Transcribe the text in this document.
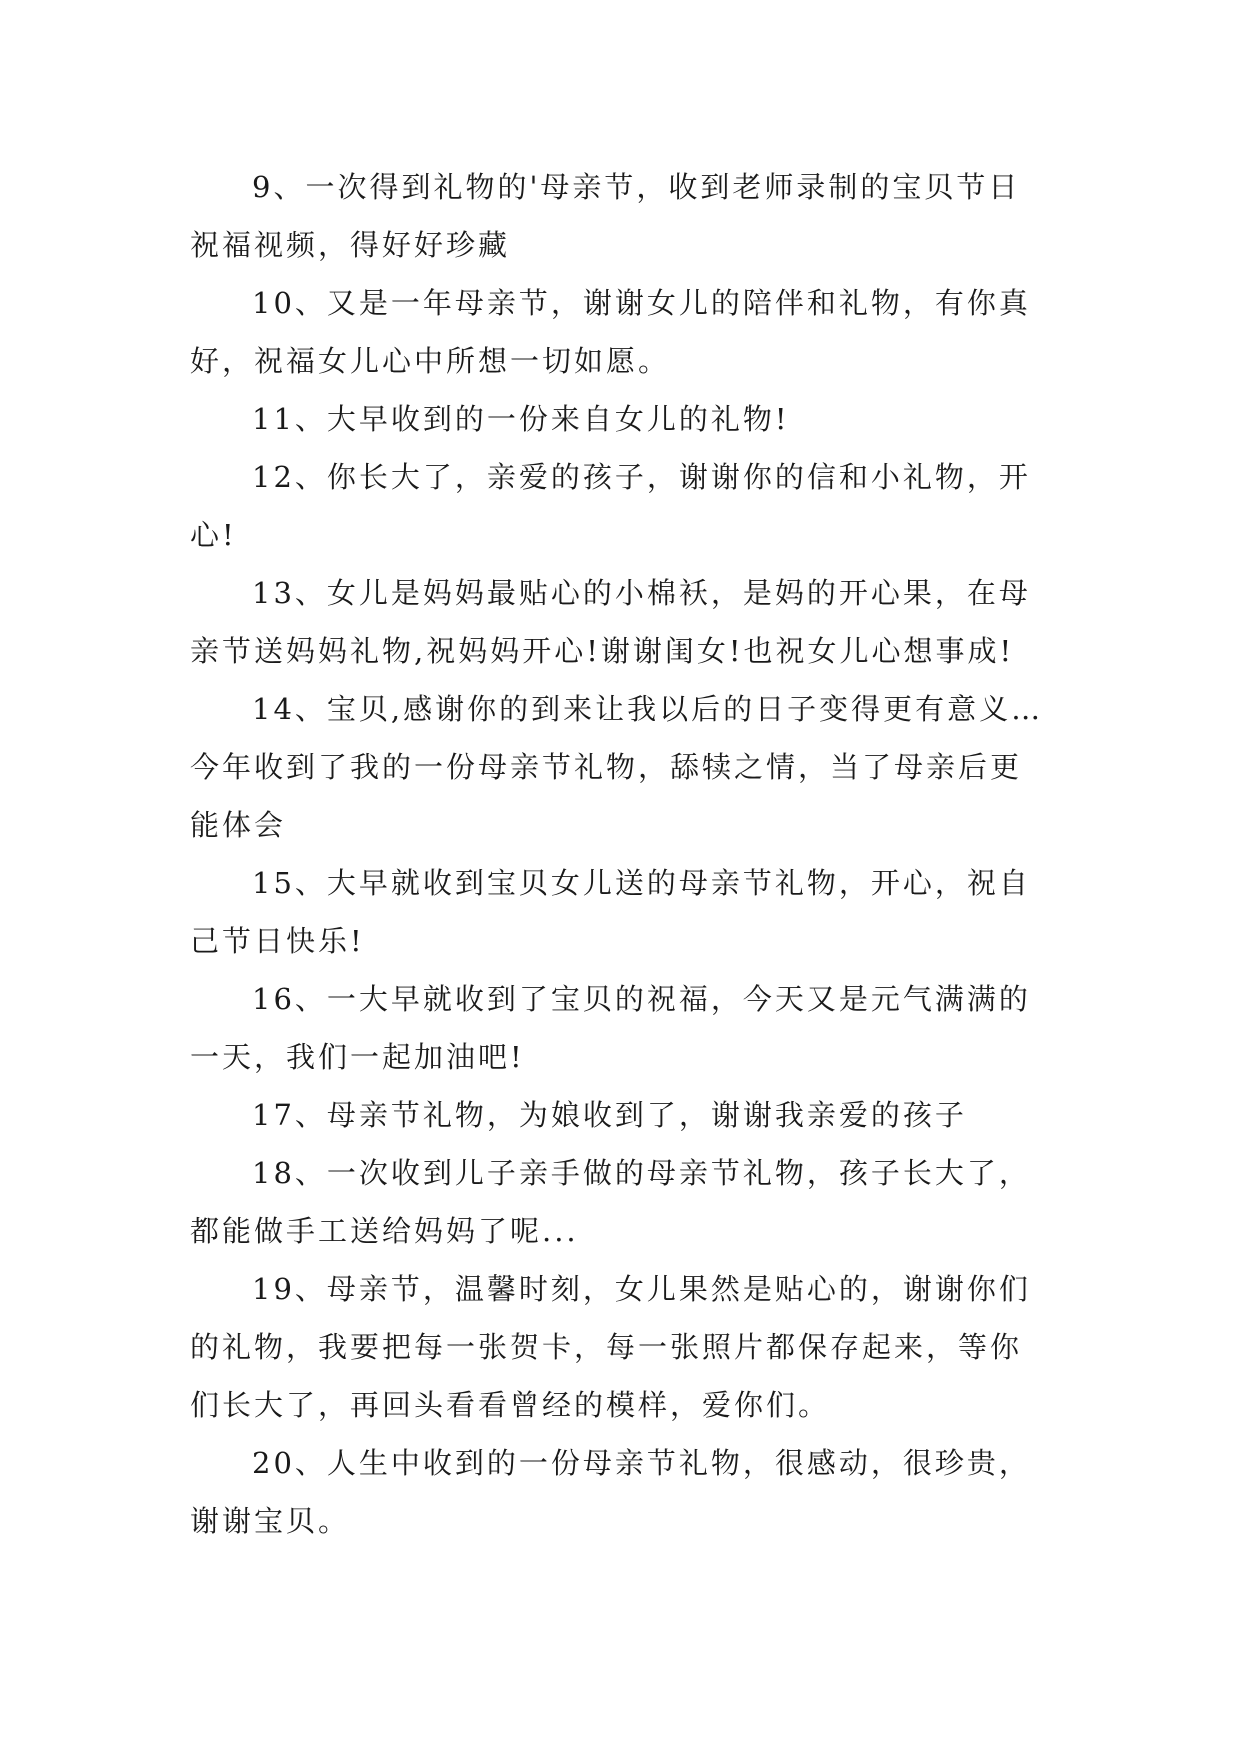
9、一次得到礼物的'母亲节，收到老师录制的宝贝节日祝福视频，得好好珍藏

10、又是一年母亲节，谢谢女儿的陪伴和礼物，有你真好，祝福女儿心中所想一切如愿。

11、大早收到的一份来自女儿的礼物!

12、你长大了，亲爱的孩子，谢谢你的信和小礼物，开心!

13、女儿是妈妈最贴心的小棉袄，是妈的开心果，在母亲节送妈妈礼物,祝妈妈开心!谢谢闺女!也祝女儿心想事成!

14、宝贝,感谢你的到来让我以后的日子变得更有意义…今年收到了我的一份母亲节礼物，舔犊之情，当了母亲后更能体会

15、大早就收到宝贝女儿送的母亲节礼物，开心，祝自己节日快乐!

16、一大早就收到了宝贝的祝福，今天又是元气满满的一天，我们一起加油吧!

17、母亲节礼物，为娘收到了，谢谢我亲爱的孩子

18、一次收到儿子亲手做的母亲节礼物，孩子长大了，都能做手工送给妈妈了呢...

19、母亲节，温馨时刻，女儿果然是贴心的，谢谢你们的礼物，我要把每一张贺卡，每一张照片都保存起来，等你们长大了，再回头看看曾经的模样，爱你们。

20、人生中收到的一份母亲节礼物，很感动，很珍贵，谢谢宝贝。
